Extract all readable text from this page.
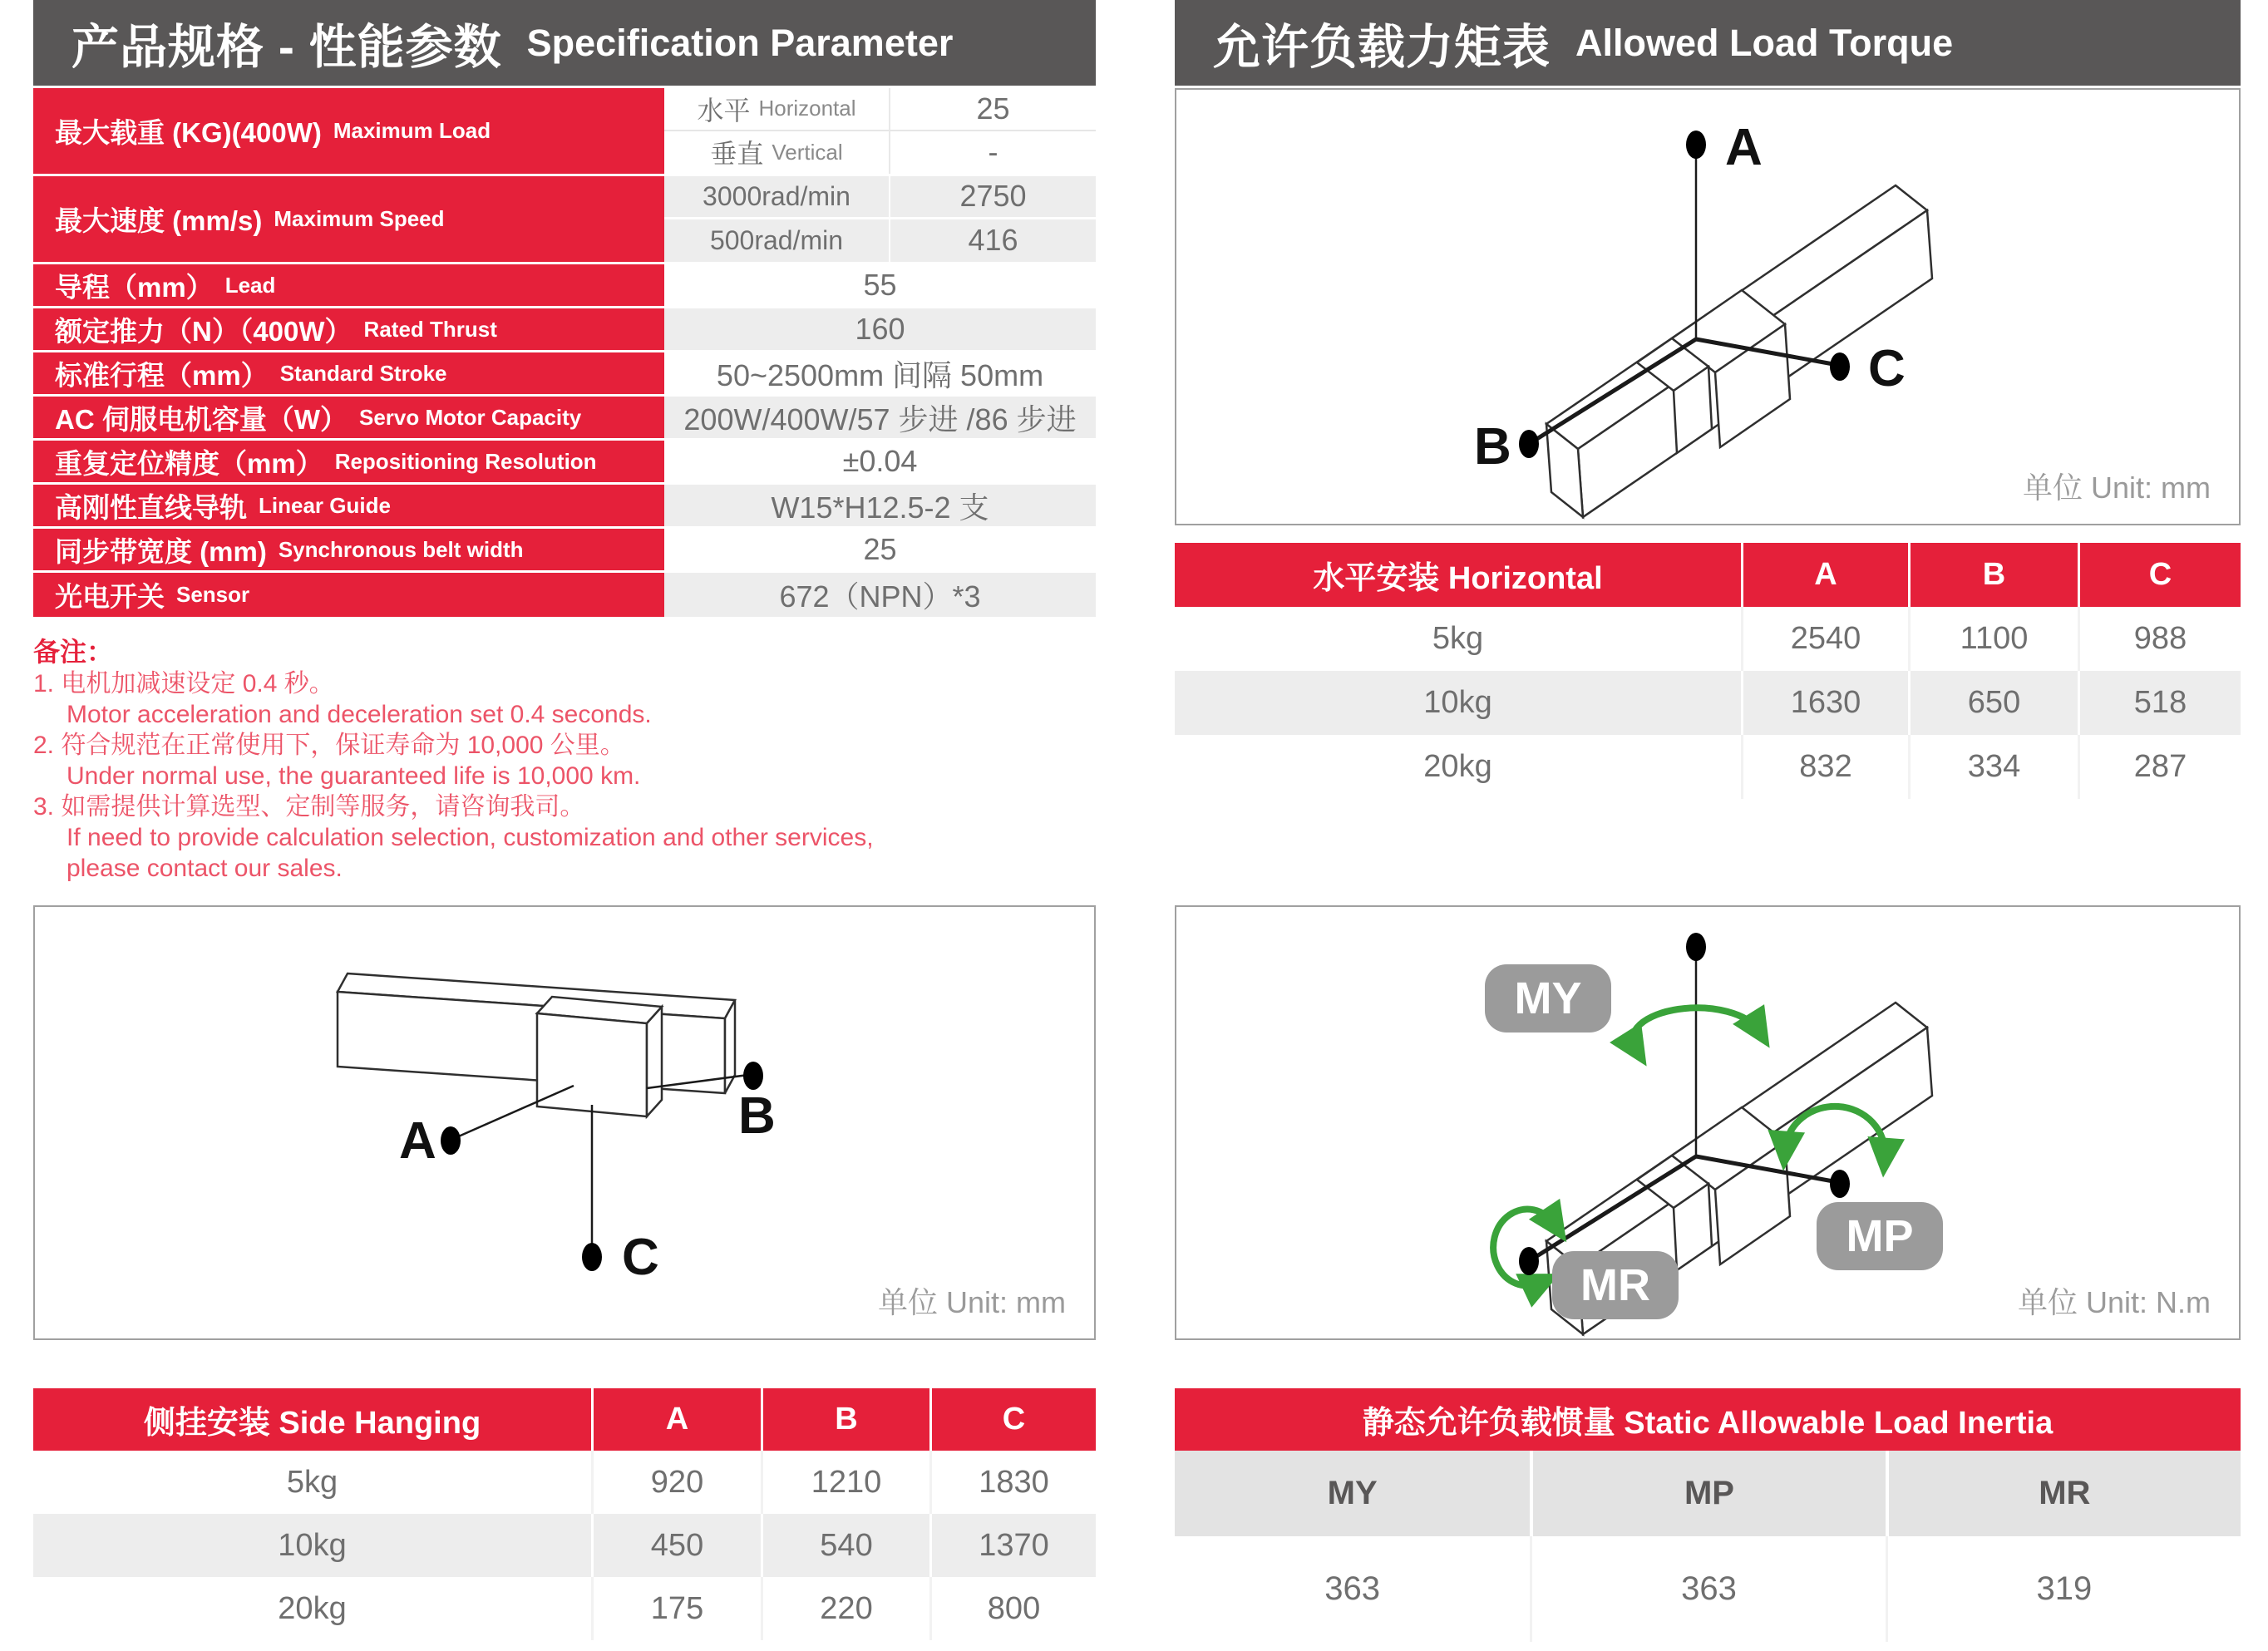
产品规格 - 性能参数 Specification Parameter
最大载重 (KG)(400W) Maximum Load
水平 Horizontal	25
垂直 Vertical	-
最大速度 (mm/s) Maximum Speed
3000rad/min	2750
500rad/min	416
导程（mm） Lead	55
额定推力（N）（400W） Rated Thrust	160
标准行程（mm） Standard Stroke	50~2500mm 间隔 50mm
AC 伺服电机容量（W） Servo Motor Capacity	200W/400W/57 步进 /86 步进
重复定位精度（mm） Repositioning Resolution	±0.04
高刚性直线导轨 Linear Guide	W15*H12.5-2 支
同步带宽度 (mm) Synchronous belt width	25
光电开关 Sensor	672（NPN）*3
备注：
1. 电机加减速设定 0.4 秒。
Motor acceleration and deceleration set 0.4 seconds.
2. 符合规范在正常使用下，保证寿命为 10,000 公里。
Under normal use, the guaranteed life is 10,000 km.
3. 如需提供计算选型、定制等服务，请咨询我司。
If need to provide calculation selection, customization and other services,
please contact our sales.
A	B
C
单位 Unit: mm
侧挂安装 Side Hanging	A	B	C
5kg	920	1210	1830
10kg	450	540	1370
20kg	175	220	800
允许负载力矩表 Allowed Load Torque
A
B
C
单位 Unit: mm
水平安装 Horizontal	A	B	C
5kg	2540	1100	988
10kg	1630	650	518
20kg	832	334	287
MY
MP
MR	单位 Unit: N.m
静态允许负载惯量 Static Allowable Load Inertia
MY	MP	MR
363	363	319
